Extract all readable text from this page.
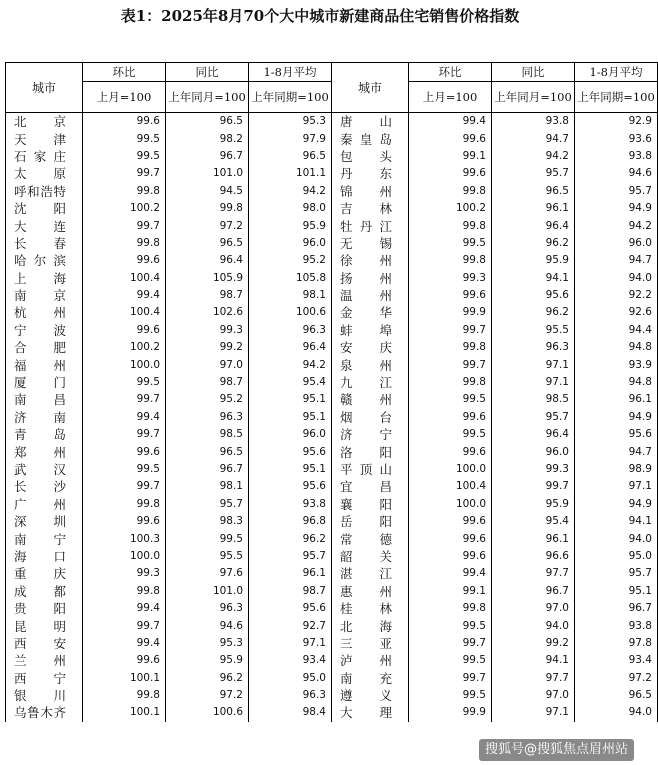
表1：2025年8月70个大中城市新建商品住宅销售价格指数
城市	环比	同比	1-8月平均	城市	环比	同比	1-8月平均
	上月=100	上年同月=100	上年同期=100		上月=100	上年同月=100	上年同期=100
北京	99.6	96.5	95.3	唐山	99.4	93.8	92.9
天津	99.5	98.2	97.9	秦皇岛	99.6	94.7	93.6
石家庄	99.5	96.7	96.5	包头	99.1	94.2	93.8
太原	99.7	101.0	101.1	丹东	99.6	95.7	94.6
呼和浩特	99.8	94.5	94.2	锦州	99.8	96.5	95.7
沈阳	100.2	99.8	98.0	吉林	100.2	96.1	94.9
大连	99.7	97.2	95.9	牡丹江	99.8	96.4	94.2
长春	99.8	96.5	96.0	无锡	99.5	96.2	96.0
哈尔滨	99.6	96.4	95.2	徐州	99.8	95.9	94.7
上海	100.4	105.9	105.8	扬州	99.3	94.1	94.0
南京	99.4	98.7	98.1	温州	99.6	95.6	92.2
杭州	100.4	102.6	100.6	金华	99.9	96.2	92.6
宁波	99.6	99.3	96.3	蚌埠	99.7	95.5	94.4
合肥	100.2	99.2	96.4	安庆	99.8	96.3	94.8
福州	100.0	97.0	94.2	泉州	99.7	97.1	93.9
厦门	99.5	98.7	95.4	九江	99.8	97.1	94.8
南昌	99.7	95.2	95.1	赣州	99.5	98.5	96.1
济南	99.4	96.3	95.1	烟台	99.6	95.7	94.9
青岛	99.7	98.5	96.0	济宁	99.5	96.4	95.6
郑州	99.6	96.5	95.6	洛阳	99.6	96.0	94.7
武汉	99.5	96.7	95.1	平顶山	100.0	99.3	98.9
长沙	99.7	98.1	95.6	宜昌	100.4	99.7	97.1
广州	99.8	95.7	93.8	襄阳	100.0	95.9	94.9
深圳	99.6	98.3	96.8	岳阳	99.6	95.4	94.1
南宁	100.3	99.5	96.2	常德	99.6	96.1	94.0
海口	100.0	95.5	95.7	韶关	99.6	96.6	95.0
重庆	99.3	97.6	96.1	湛江	99.4	97.7	95.7
成都	99.8	101.0	98.7	惠州	99.1	96.7	95.1
贵阳	99.4	96.3	95.6	桂林	99.8	97.0	96.7
昆明	99.7	94.6	92.7	北海	99.5	94.0	93.8
西安	99.4	95.3	97.1	三亚	99.7	99.2	97.8
兰州	99.6	95.9	93.4	泸州	99.5	94.1	93.4
西宁	100.1	96.2	95.0	南充	99.7	97.7	97.2
银川	99.8	97.2	96.3	遵义	99.5	97.0	96.5
乌鲁木齐	100.1	100.6	98.4	大理	99.9	97.1	94.0
搜狐号@搜狐焦点眉州站
